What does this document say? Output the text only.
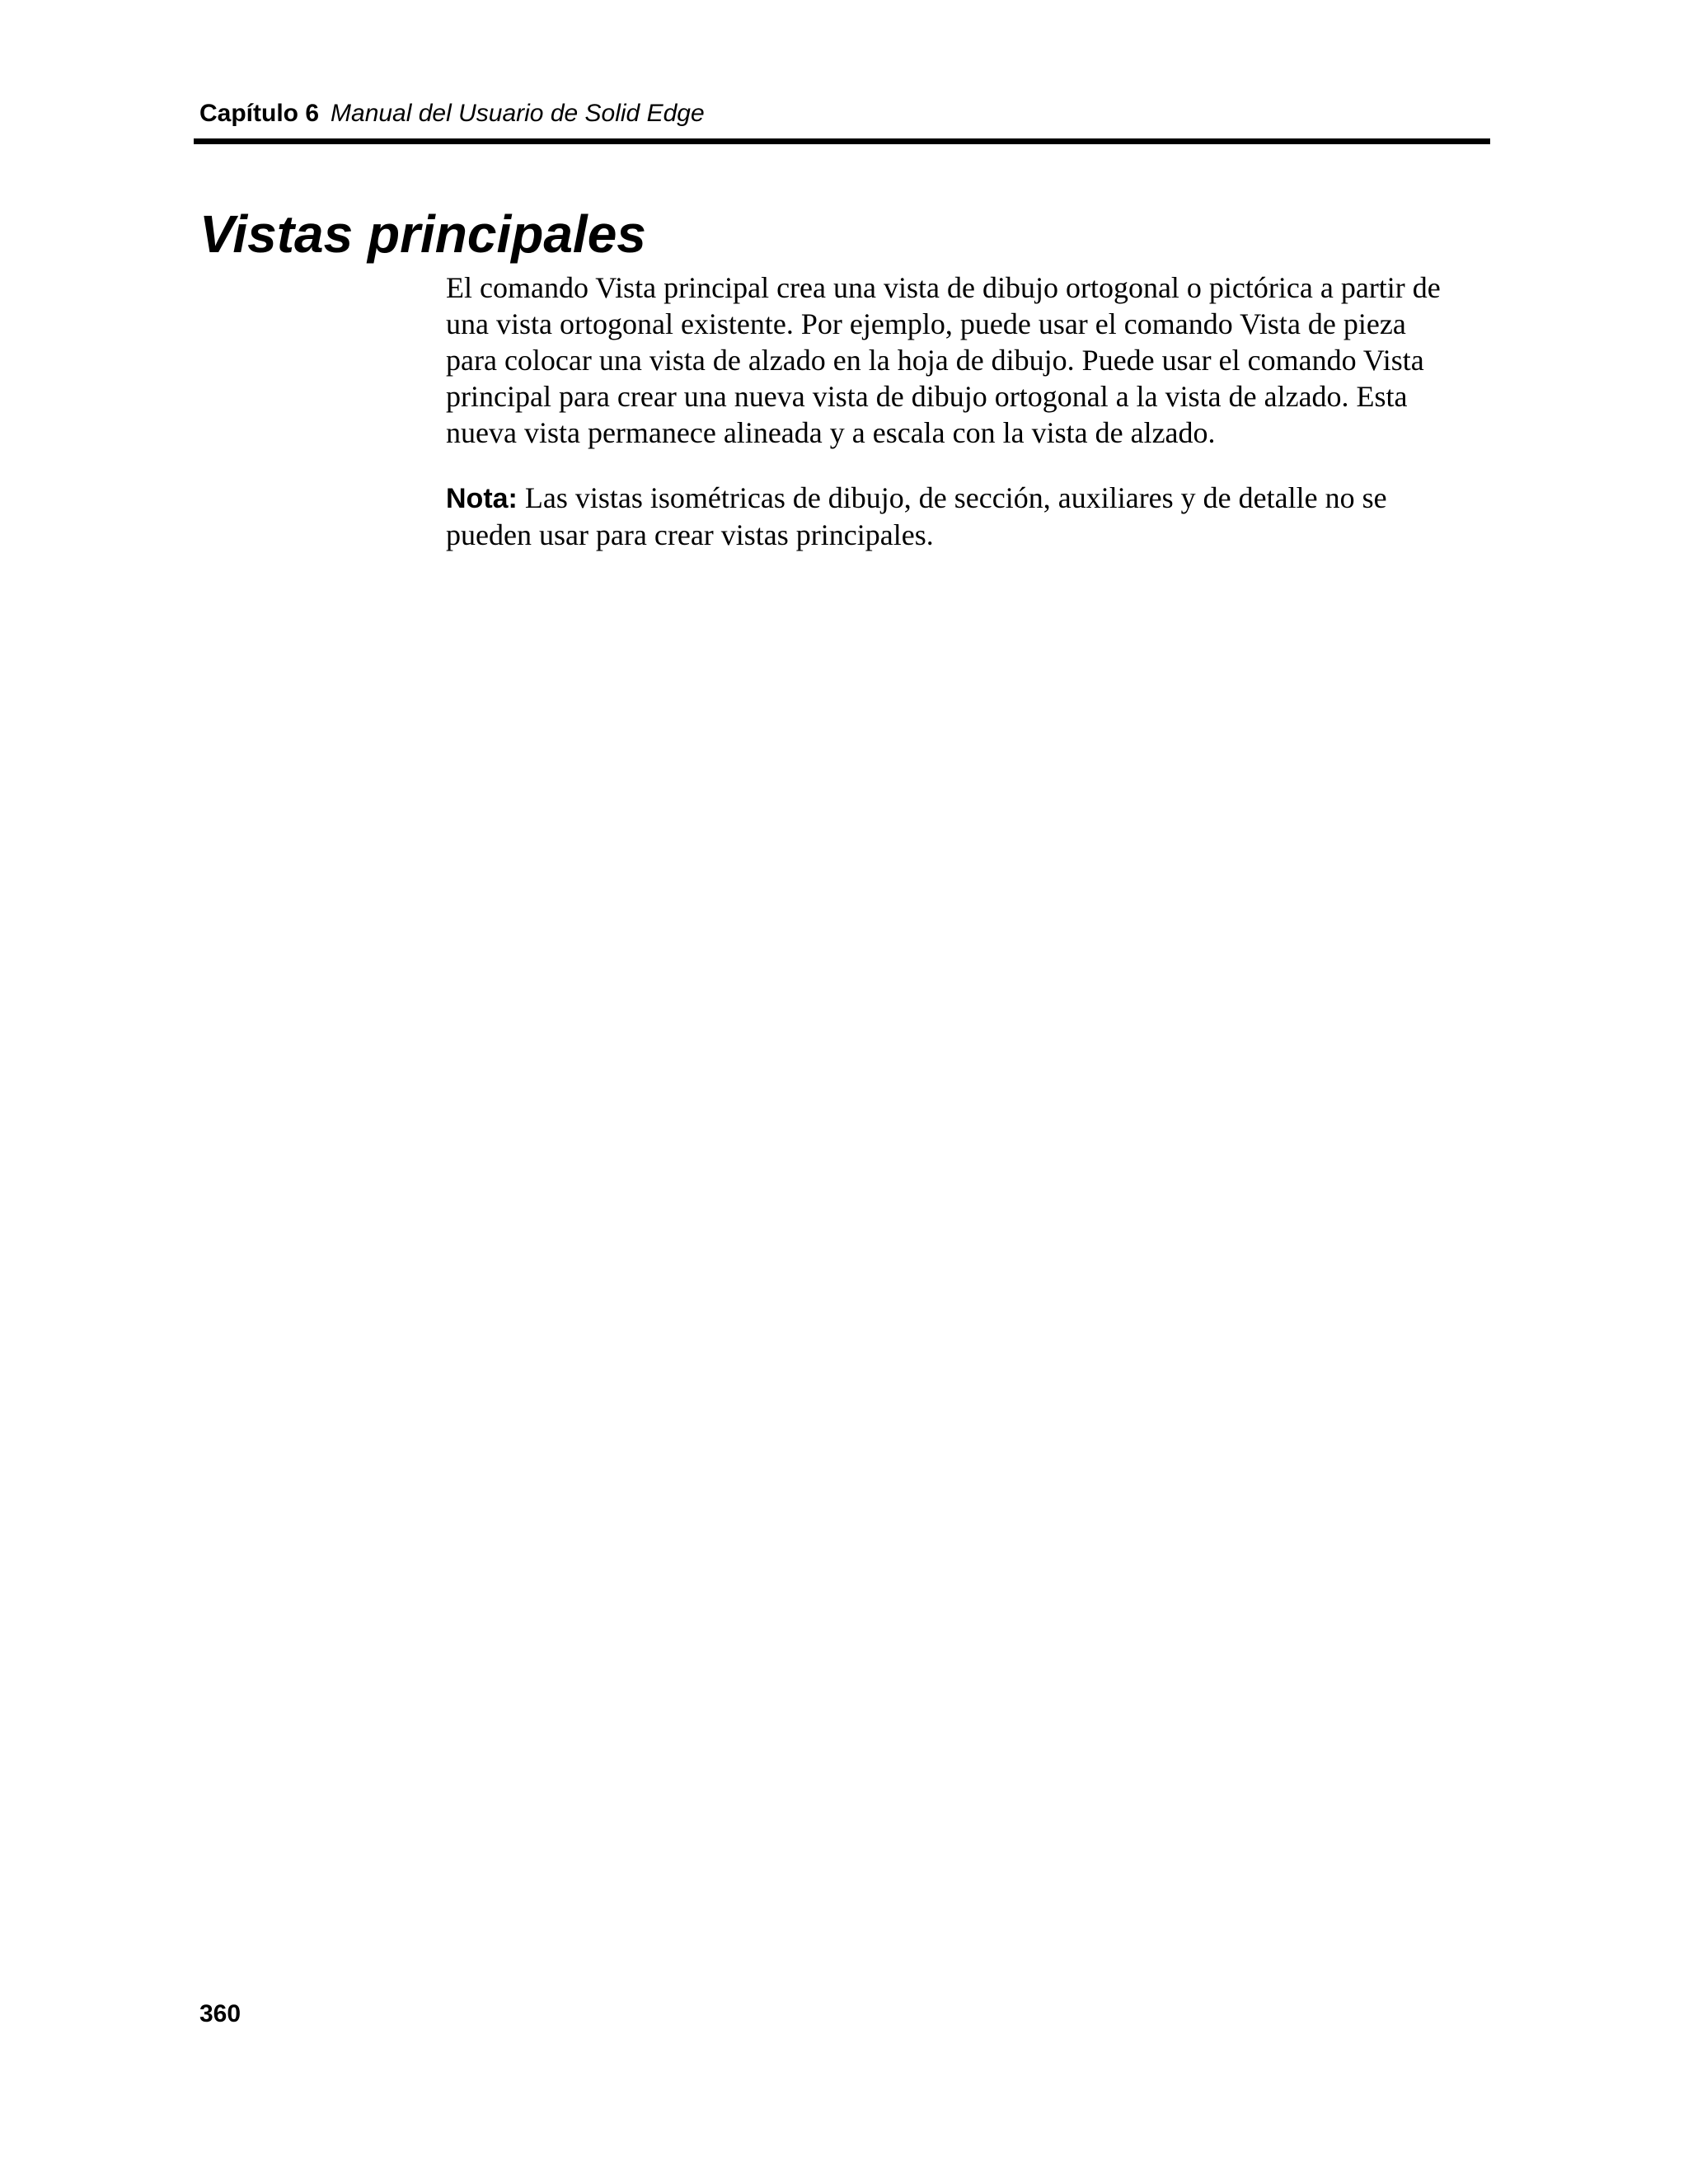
Capítulo 6 Manual del Usuario de Solid Edge
Vistas principales

El comando Vista principal crea una vista de dibujo ortogonal o pictórica a partir de
una vista ortogonal existente. Por ejemplo, puede usar el comando Vista de pieza
para colocar una vista de alzado en la hoja de dibujo. Puede usar el comando Vista
principal para crear una nueva vista de dibujo ortogonal a la vista de alzado. Esta
nueva vista permanece alineada y a escala con la vista de alzado.

Nota: Las vistas isométricas de dibujo, de sección, auxiliares y de detalle no se
pueden usar para crear vistas principales.

360
